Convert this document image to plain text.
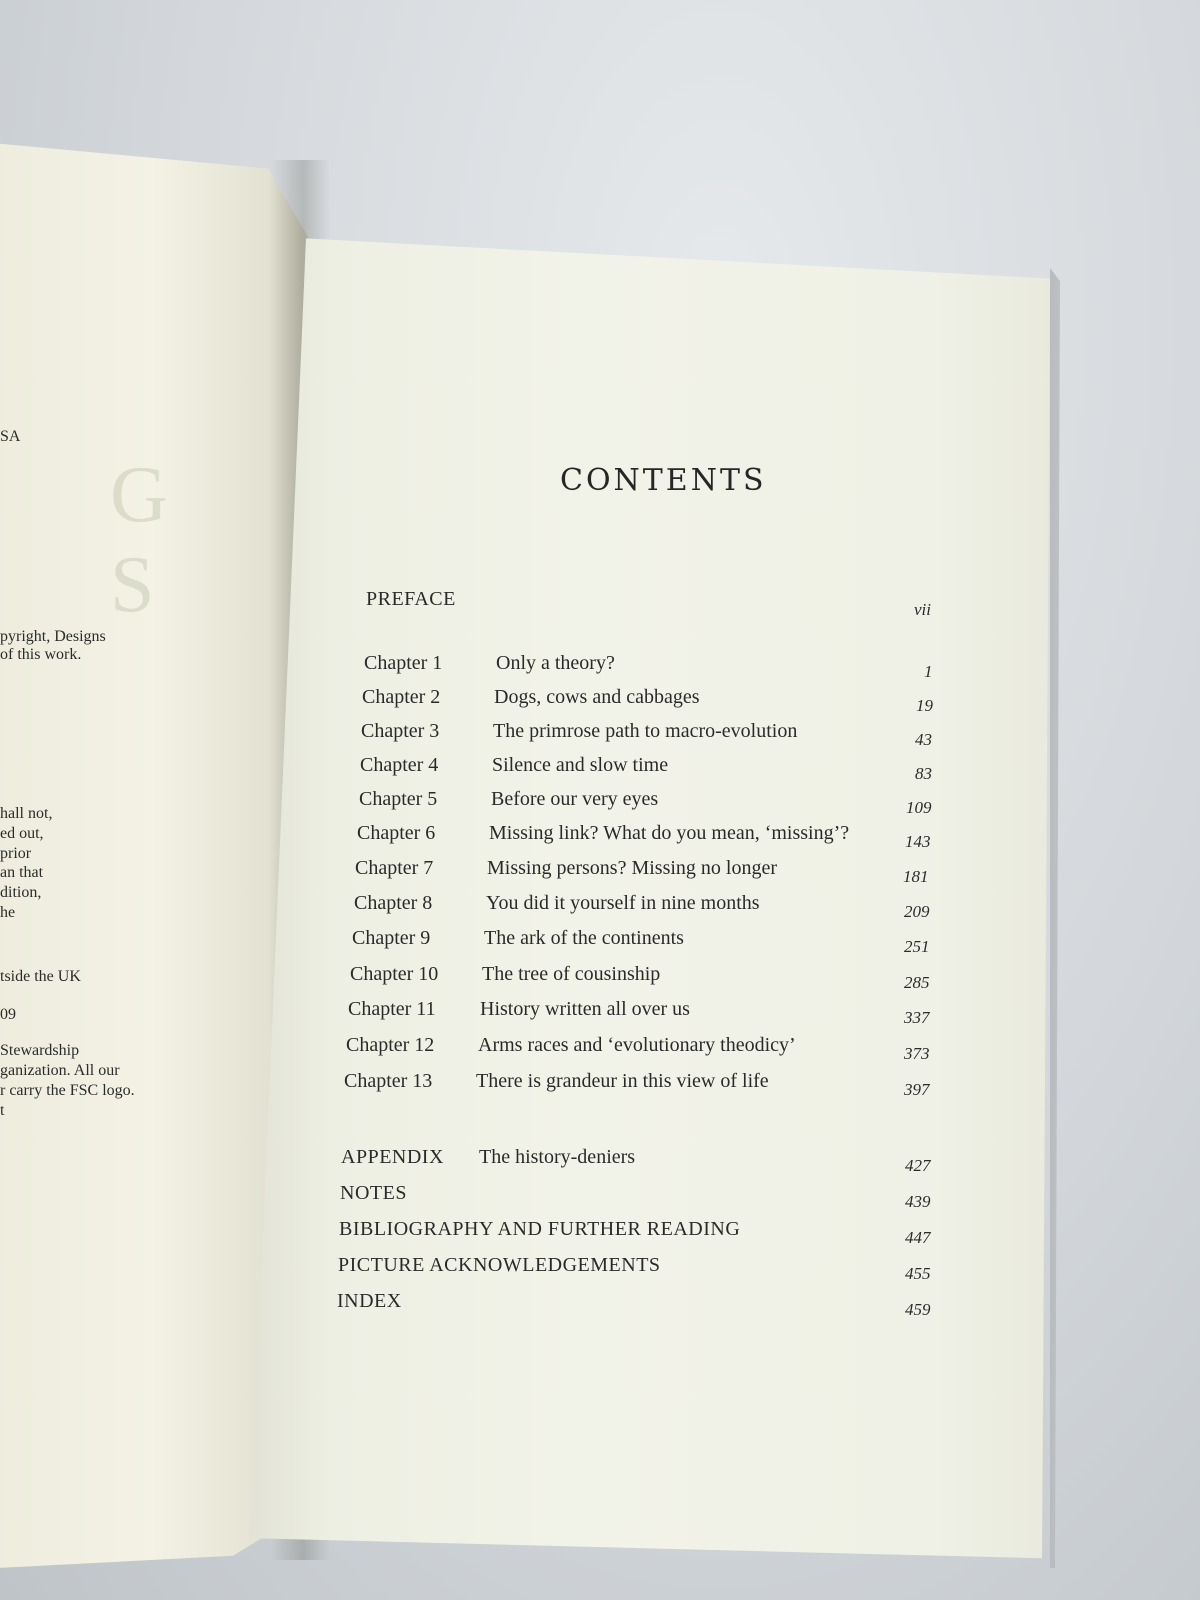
G
S
SA
pyright, Designs
of this work.
hall not,
ed out,
prior
an that
dition,
he
tside the UK
09
Stewardship
ganization. All our
r carry the FSC logo.
t
CONTENTS
PREFACE	vii
Chapter 1	Only a theory?	1
Chapter 2	Dogs, cows and cabbages	19
Chapter 3	The primrose path to macro-evolution	43
Chapter 4	Silence and slow time	83
Chapter 5	Before our very eyes	109
Chapter 6	Missing link? What do you mean, ‘missing’?	143
Chapter 7	Missing persons? Missing no longer	181
Chapter 8	You did it yourself in nine months	209
Chapter 9	The ark of the continents	251
Chapter 10 The tree of cousinship	285
Chapter 11 History written all over us	337
Chapter 12 Arms races and ‘evolutionary theodicy’	373
Chapter 13 There is grandeur in this view of life	397
APPENDIX The history-deniers	427
NOTES	439
BIBLIOGRAPHY AND FURTHER READING	447
PICTURE ACKNOWLEDGEMENTS	455
INDEX	459
